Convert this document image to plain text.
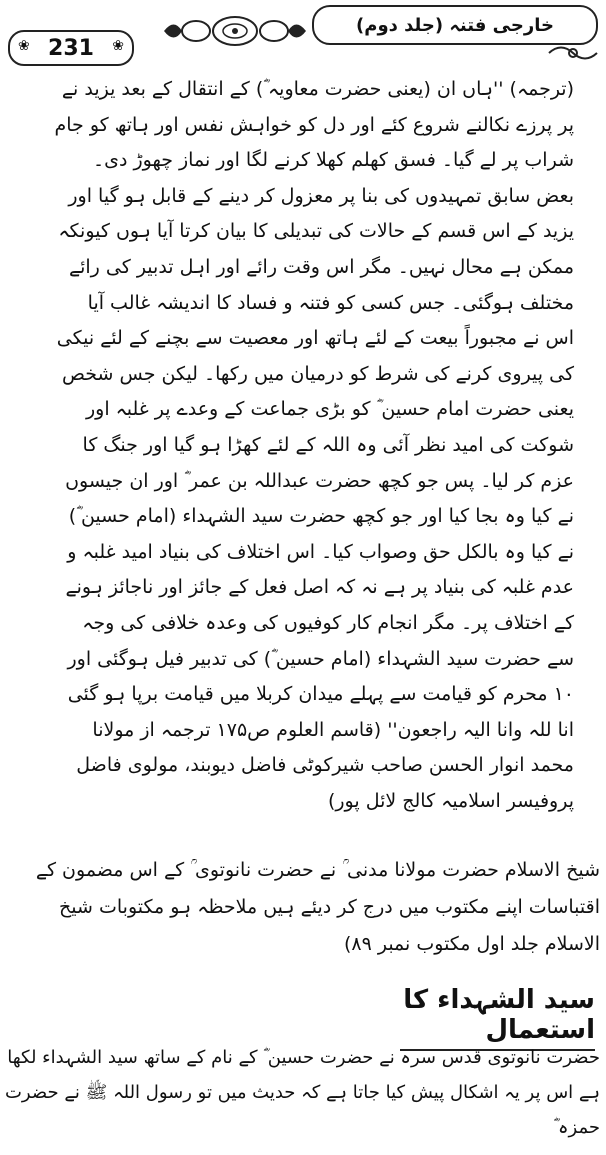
❀ 231 ❀
خارجی فتنہ (جلد دوم)

(ترجمہ) ''ہاں ان (یعنی حضرت معاویہ ؓ) کے انتقال کے بعد یزید نے پر پرزے نکالنے شروع کئے اور دل کو خواہش نفس اور ہاتھ کو جام شراب پر لے گیا۔ فسق کھلم کھلا کرنے لگا اور نماز چھوڑ دی۔ بعض سابق تمہیدوں کی بنا پر معزول کر دینے کے قابل ہو گیا اور یزید کے اس قسم کے حالات کی تبدیلی کا بیان کرتا آیا ہوں کیونکہ ممکن ہے محال نہیں۔ مگر اس وقت رائے اور اہل تدبیر کی رائے مختلف ہوگئی۔ جس کسی کو فتنہ و فساد کا اندیشہ غالب آیا اس نے مجبوراً بیعت کے لئے ہاتھ اور معصیت سے بچنے کے لئے نیکی کی پیروی کرنے کی شرط کو درمیان میں رکھا۔ لیکن جس شخص یعنی حضرت امام حسین ؓ کو بڑی جماعت کے وعدے پر غلبہ اور شوکت کی امید نظر آئی وہ اللہ کے لئے کھڑا ہو گیا اور جنگ کا عزم کر لیا۔ پس جو کچھ حضرت عبداللہ بن عمر ؓ اور ان جیسوں نے کیا وہ بجا کیا اور جو کچھ حضرت سید الشہداء (امام حسین ؓ) نے کیا وہ بالکل حق وصواب کیا۔ اس اختلاف کی بنیاد امید غلبہ و عدم غلبہ کی بنیاد پر ہے نہ کہ اصل فعل کے جائز اور ناجائز ہونے کے اختلاف پر۔ مگر انجام کار کوفیوں کی وعدہ خلافی کی وجہ سے حضرت سید الشہداء (امام حسین ؓ) کی تدبیر فیل ہوگئی اور ۱۰ محرم کو قیامت سے پہلے میدان کربلا میں قیامت برپا ہو گئی انا للہ وانا الیہ راجعون'' (قاسم العلوم ص۱۷۵ ترجمہ از مولانا محمد انوار الحسن صاحب شیرکوٹی فاضل دیوبند، مولوی فاضل پروفیسر اسلامیہ کالج لائل پور)

شیخ الاسلام حضرت مولانا مدنی ؒ نے حضرت نانوتوی ؒ کے اس مضمون کے اقتباسات اپنے مکتوب میں درج کر دیئے ہیں ملاحظہ ہو مکتوبات شیخ الاسلام جلد اول مکتوب نمبر ۸۹)

سید الشہداء کا استعمال

حضرت نانوتوی قدس سرہ نے حضرت حسین ؓ کے نام کے ساتھ سید الشہداء لکھا ہے اس پر یہ اشکال پیش کیا جاتا ہے کہ حدیث میں تو رسول اللہ ﷺ نے حضرت حمزہ ؓ
